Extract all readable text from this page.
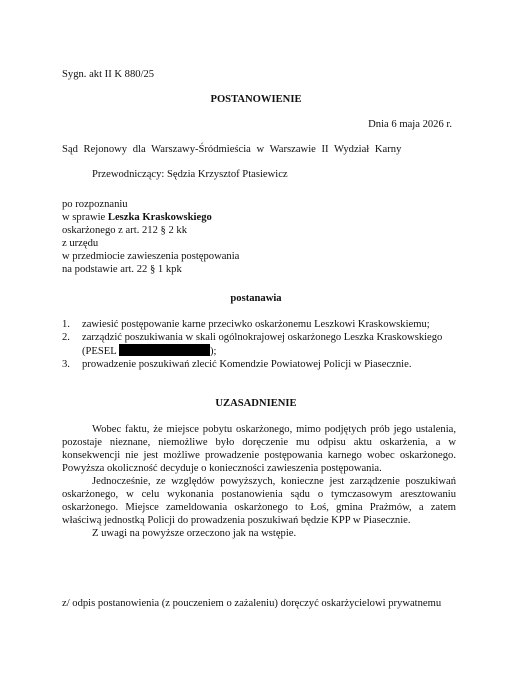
Sygn. akt II K 880/25
POSTANOWIENIE
Dnia 6 maja 2026 r.
Sąd Rejonowy dla Warszawy-Śródmieścia w Warszawie II Wydział Karny
Przewodniczący: Sędzia Krzysztof Ptasiewicz
po rozpoznaniu
w sprawie Leszka Kraskowskiego
oskarżonego z art. 212 § 2 kk
z urzędu
w przedmiocie zawieszenia postępowania
na podstawie art. 22 § 1 kpk
postanawia
1. zawiesić postępowanie karne przeciwko oskarżonemu Leszkowi Kraskowskiemu;
2. zarządzić poszukiwania w skali ogólnokrajowej oskarżonego Leszka Kraskowskiego
(PESEL	);
3. prowadzenie poszukiwań zlecić Komendzie Powiatowej Policji w Piasecznie.
UZASADNIENIE

Wobec faktu, że miejsce pobytu oskarżonego, mimo podjętych prób jego ustalenia, pozostaje nieznane, niemożliwe było doręczenie mu odpisu aktu oskarżenia, a w konsekwencji nie jest możliwe prowadzenie postępowania karnego wobec oskarżonego. Powyższa okoliczność decyduje o konieczności zawieszenia postępowania.

Jednocześnie, ze względów powyższych, konieczne jest zarządzenie poszukiwań oskarżonego, w celu wykonania postanowienia sądu o tymczasowym aresztowaniu oskarżonego. Miejsce zameldowania oskarżonego to Łoś, gmina Prażmów, a zatem właściwą jednostką Policji do prowadzenia poszukiwań będzie KPP w Piasecznie.

Z uwagi na powyższe orzeczono jak na wstępie.

z/ odpis postanowienia (z pouczeniem o zażaleniu) doręczyć oskarżycielowi prywatnemu
